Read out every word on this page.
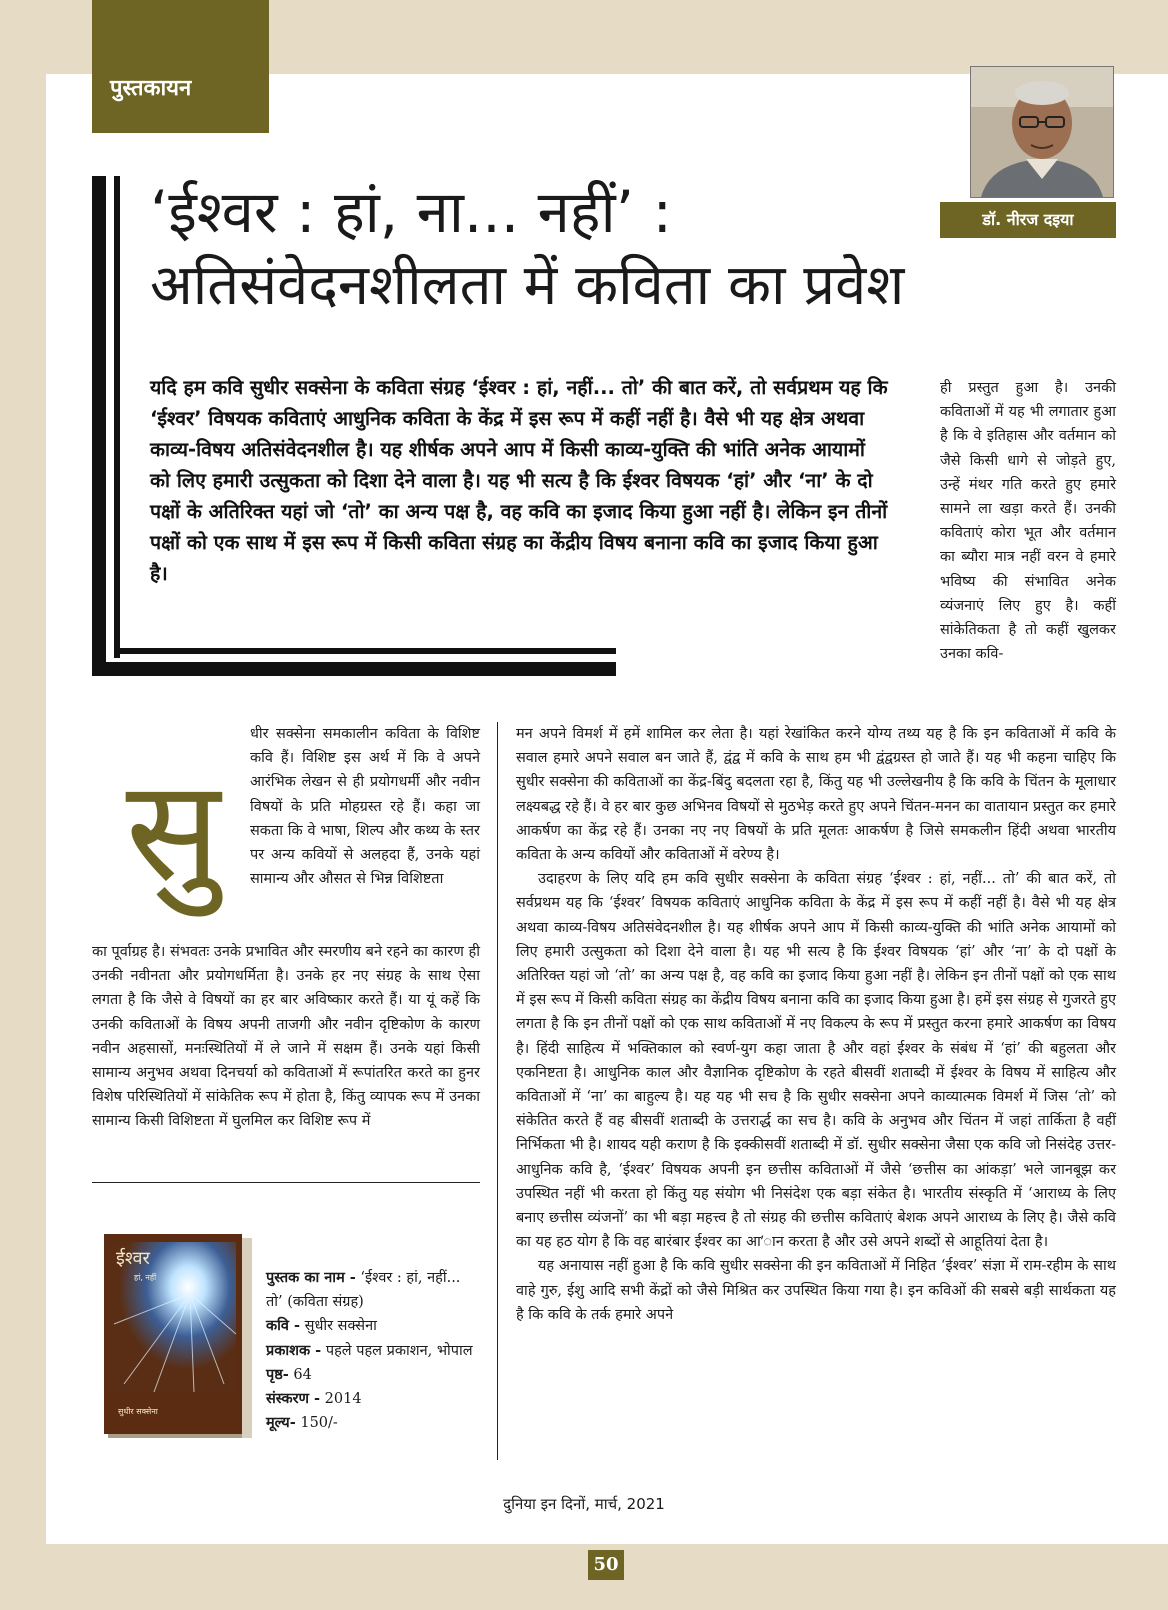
पुस्तकायन
डॉ. नीरज दइया
‘ईश्वर : हां, ना... नहीं’ :
अतिसंवेदनशीलता में कविता का प्रवेश

यदि हम कवि सुधीर सक्सेना के कविता संग्रह ‘ईश्वर : हां, नहीं... तो’ की बात करें, तो सर्वप्रथम यह कि ‘ईश्वर’ विषयक कविताएं आधुनिक कविता के केंद्र में इस रूप में कहीं नहीं है। वैसे भी यह क्षेत्र अथवा काव्य-विषय अतिसंवेदनशील है। यह शीर्षक अपने आप में किसी काव्य-युक्ति की भांति अनेक आयामों को लिए हमारी उत्सुकता को दिशा देने वाला है। यह भी सत्य है कि ईश्वर विषयक ‘हां’ और ‘ना’ के दो पक्षों के अतिरिक्त यहां जो ‘तो’ का अन्य पक्ष है, वह कवि का इजाद किया हुआ नहीं है। लेकिन इन तीनों पक्षों को एक साथ में इस रूप में किसी कविता संग्रह का केंद्रीय विषय बनाना कवि का इजाद किया हुआ है।

ही प्रस्तुत हुआ है। उनकी कविताओं में यह भी लगातार हुआ है कि वे इतिहास और वर्तमान को जैसे किसी धागे से जोड़ते हुए, उन्हें मंथर गति करते हुए हमारे सामने ला खड़ा करते हैं। उनकी कविताएं कोरा भूत और वर्तमान का ब्यौरा मात्र नहीं वरन वे हमारे भविष्य की संभावित अनेक व्यंजनाएं लिए हुए है। कहीं सांकेतिकता है तो कहीं खुलकर उनका कवि-

सु

धीर सक्सेना समकालीन कविता के विशिष्ट कवि हैं। विशिष्ट इस अर्थ में कि वे अपने आरंभिक लेखन से ही प्रयोगधर्मी और नवीन विषयों के प्रति मोहग्रस्त रहे हैं। कहा जा सकता कि वे भाषा, शिल्प और कथ्य के स्तर पर अन्य कवियों से अलहदा हैं, उनके यहां सामान्य और औसत से भिन्न विशिष्टता

का पूर्वाग्रह है। संभवतः उनके प्रभावित और स्मरणीय बने रहने का कारण ही उनकी नवीनता और प्रयोगधर्मिता है। उनके हर नए संग्रह के साथ ऐसा लगता है कि जैसे वे विषयों का हर बार अविष्कार करते हैं। या यूं कहें कि उनकी कविताओं के विषय अपनी ताजगी और नवीन दृष्टिकोण के कारण नवीन अहसासों, मनःस्थितियों में ले जाने में सक्षम हैं। उनके यहां किसी सामान्य अनुभव अथवा दिनचर्या को कविताओं में रूपांतरित करते का हुनर विशेष परिस्थितियों में सांकेतिक रूप में होता है, किंतु व्यापक रूप में उनका सामान्य किसी विशिष्टता में घुलमिल कर विशिष्ट रूप में

मन अपने विमर्श में हमें शामिल कर लेता है। यहां रेखांकित करने योग्य तथ्य यह है कि इन कविताओं में कवि के सवाल हमारे अपने सवाल बन जाते हैं, द्वंद्व में कवि के साथ हम भी द्वंद्वग्रस्त हो जाते हैं। यह भी कहना चाहिए कि सुधीर सक्सेना की कविताओं का केंद्र-बिंदु बदलता रहा है, किंतु यह भी उल्लेखनीय है कि कवि के चिंतन के मूलाधार लक्ष्यबद्ध रहे हैं। वे हर बार कुछ अभिनव विषयों से मुठभेड़ करते हुए अपने चिंतन-मनन का वातायान प्रस्तुत कर हमारे आकर्षण का केंद्र रहे हैं। उनका नए नए विषयों के प्रति मूलतः आकर्षण है जिसे समकलीन हिंदी अथवा भारतीय कविता के अन्य कवियों और कविताओं में वरेण्य है।

उदाहरण के लिए यदि हम कवि सुधीर सक्सेना के कविता संग्रह ‘ईश्वर : हां, नहीं... तो’ की बात करें, तो सर्वप्रथम यह कि ‘ईश्वर’ विषयक कविताएं आधुनिक कविता के केंद्र में इस रूप में कहीं नहीं है। वैसे भी यह क्षेत्र अथवा काव्य-विषय अतिसंवेदनशील है। यह शीर्षक अपने आप में किसी काव्य-युक्ति की भांति अनेक आयामों को लिए हमारी उत्सुकता को दिशा देने वाला है। यह भी सत्य है कि ईश्वर विषयक ‘हां’ और ‘ना’ के दो पक्षों के अतिरिक्त यहां जो ‘तो’ का अन्य पक्ष है, वह कवि का इजाद किया हुआ नहीं है। लेकिन इन तीनों पक्षों को एक साथ में इस रूप में किसी कविता संग्रह का केंद्रीय विषय बनाना कवि का इजाद किया हुआ है। हमें इस संग्रह से गुजरते हुए लगता है कि इन तीनों पक्षों को एक साथ कविताओं में नए विकल्प के रूप में प्रस्तुत करना हमारे आकर्षण का विषय है। हिंदी साहित्य में भक्तिकाल को स्वर्ण-युग कहा जाता है और वहां ईश्वर के संबंध में ‘हां’ की बहुलता और एकनिष्टता है। आधुनिक काल और वैज्ञानिक दृष्टिकोण के रहते बीसवीं शताब्दी में ईश्वर के विषय में साहित्य और कविताओं में ‘ना’ का बाहुल्य है। यह यह भी सच है कि सुधीर सक्सेना अपने काव्यात्मक विमर्श में जिस ‘तो’ को संकेतित करते हैं वह बीसवीं शताब्दी के उत्तरार्द्ध का सच है। कवि के अनुभव और चिंतन में जहां तार्किता है वहीं निर्भिकता भी है। शायद यही कराण है कि इक्कीसवीं शताब्दी में डॉ. सुधीर सक्सेना जैसा एक कवि जो निसंदेह उत्तर-आधुनिक कवि है, ‘ईश्वर’ विषयक अपनी इन छत्तीस कविताओं में जैसे ‘छत्तीस का आंकड़ा’ भले जानबूझ कर उपस्थित नहीं भी करता हो किंतु यह संयोग भी निसंदेश एक बड़ा संकेत है। भारतीय संस्कृति में ‘आराध्य के लिए बनाए छत्तीस व्यंजनों’ का भी बड़ा महत्त्व है तो संग्रह की छत्तीस कविताएं बेशक अपने आराध्य के लिए है। जैसे कवि का यह हठ योग है कि वह बारंबार ईश्वर का आ’ान करता है और उसे अपने शब्दों से आहूतियां देता है।

यह अनायास नहीं हुआ है कि कवि सुधीर सक्सेना की इन कविताओं में निहित ‘ईश्वर’ संज्ञा में राम-रहीम के साथ वाहे गुरु, ईशु आदि सभी केंद्रों को जैसे मिश्रित कर उपस्थित किया गया है। इन कविओं की सबसे बड़ी सार्थकता यह है कि कवि के तर्क हमारे अपने

ईश्वर
हां, नहीं
सुधीर सक्सेना
पुस्तक का नाम - ‘ईश्वर : हां, नहीं... तो’ (कविता संग्रह)
कवि - सुधीर सक्सेना
प्रकाशक - पहले पहल प्रकाशन, भोपाल
पृष्ठ- 64
संस्करण - 2014
मूल्य- 150/-
दुनिया इन दिनों, मार्च, 2021
50
